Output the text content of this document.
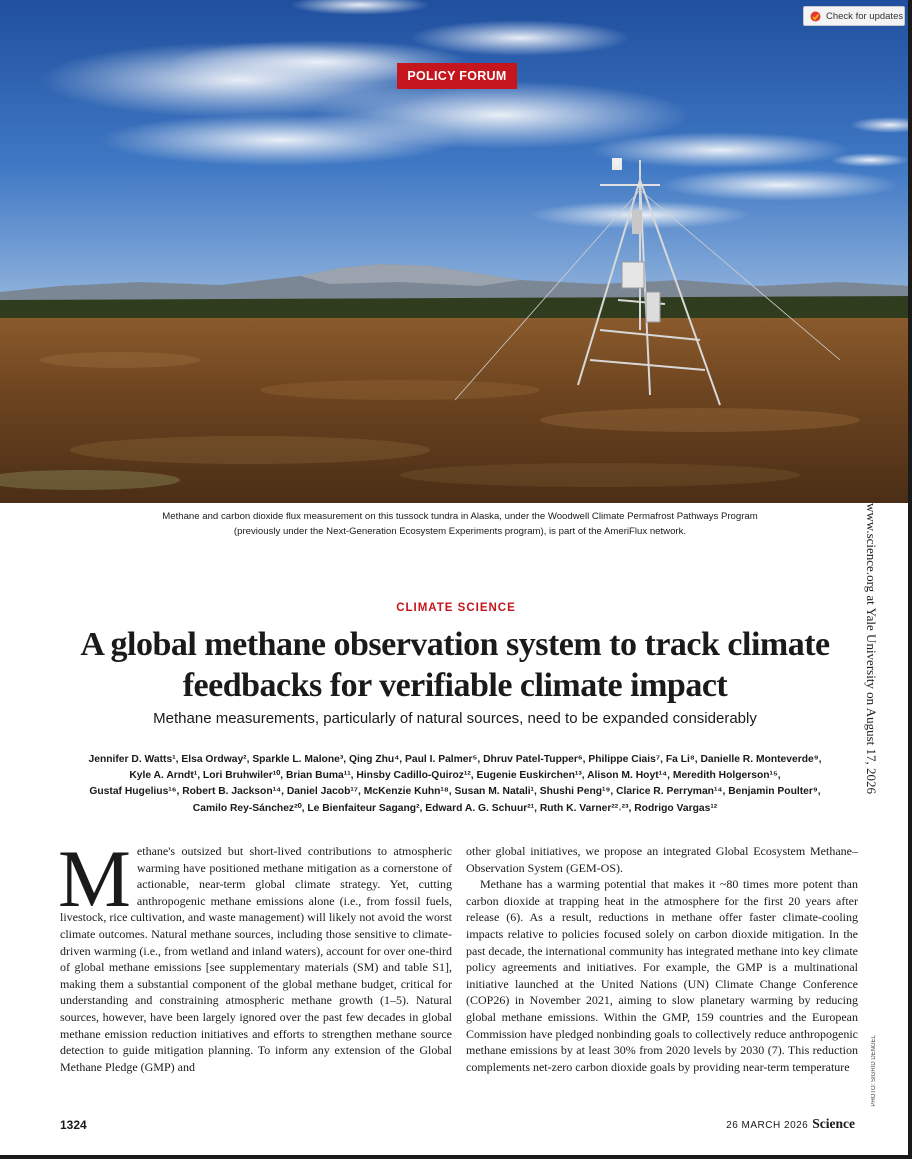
Check for updates
POLICY FORUM
Methane and carbon dioxide flux measurement on this tussock tundra in Alaska, under the Woodwell Climate Permafrost Pathways Program
(previously under the Next-Generation Ecosystem Experiments program), is part of the AmeriFlux network.	www.science.org at Yale University on August 17, 2026
PHOTO: SIGRID DENGEL
CLIMATE SCIENCE
A global methane observation system to track climate
feedbacks for verifiable climate impact
Methane measurements, particularly of natural sources, need to be expanded considerably
Jennifer D. Watts¹, Elsa Ordway², Sparkle L. Malone³, Qing Zhu⁴, Paul I. Palmer⁵, Dhruv Patel-Tupper⁶, Philippe Ciais⁷, Fa Li⁸, Danielle R. Monteverde⁹,
Kyle A. Arndt¹, Lori Bruhwiler¹⁰, Brian Buma¹¹, Hinsby Cadillo-Quiroz¹², Eugenie Euskirchen¹³, Alison M. Hoyt¹⁴, Meredith Holgerson¹⁵,
Gustaf Hugelius¹⁶, Robert B. Jackson¹⁴, Daniel Jacob¹⁷, McKenzie Kuhn¹⁸, Susan M. Natali¹, Shushi Peng¹⁹, Clarice R. Perryman¹⁴, Benjamin Poulter⁹,
Camilo Rey-Sánchez²⁰, Le Bienfaiteur Sagang², Edward A. G. Schuur²¹, Ruth K. Varner²²˒²³, Rodrigo Vargas¹²
M ethane's outsized but short-lived contributions to atmospheric warming have positioned methane mitigation as a cornerstone of actionable, near-term global climate strategy. Yet, cutting anthropogenic methane emissions alone (i.e., from fossil fuels, livestock, rice cultivation, and waste management) will likely not avoid the worst climate outcomes. Natural methane sources, including those sensitive to climate-driven warming (i.e., from wetland and inland waters), account for over one-third of global methane emissions [see supplementary materials (SM) and table S1], making them a substantial component of the global methane budget, critical for understanding and constraining atmospheric methane growth (1–5). Natural sources, however, have been largely ignored over the past few decades in global methane emission reduction initiatives and efforts to strengthen methane source detection to guide mitigation planning. To inform any extension of the Global Methane Pledge (GMP) and

other global initiatives, we propose an integrated Global Ecosystem Methane–Observation System (GEM-OS).

Methane has a warming potential that makes it ~80 times more potent than carbon dioxide at trapping heat in the atmosphere for the first 20 years after release (6). As a result, reductions in methane offer faster climate-cooling impacts relative to policies focused solely on carbon dioxide mitigation. In the past decade, the international community has integrated methane into key climate policy agreements and initiatives. For example, the GMP is a multinational initiative launched at the United Nations (UN) Climate Change Conference (COP26) in November 2021, aiming to slow planetary warming by reducing global methane emissions. Within the GMP, 159 countries and the European Commission have pledged nonbinding goals to collectively reduce anthropogenic methane emissions by at least 30% from 2020 levels by 2030 (7). This reduction complements net-zero carbon dioxide goals by providing near-term temperature

1324	26 MARCH 2026 Science
